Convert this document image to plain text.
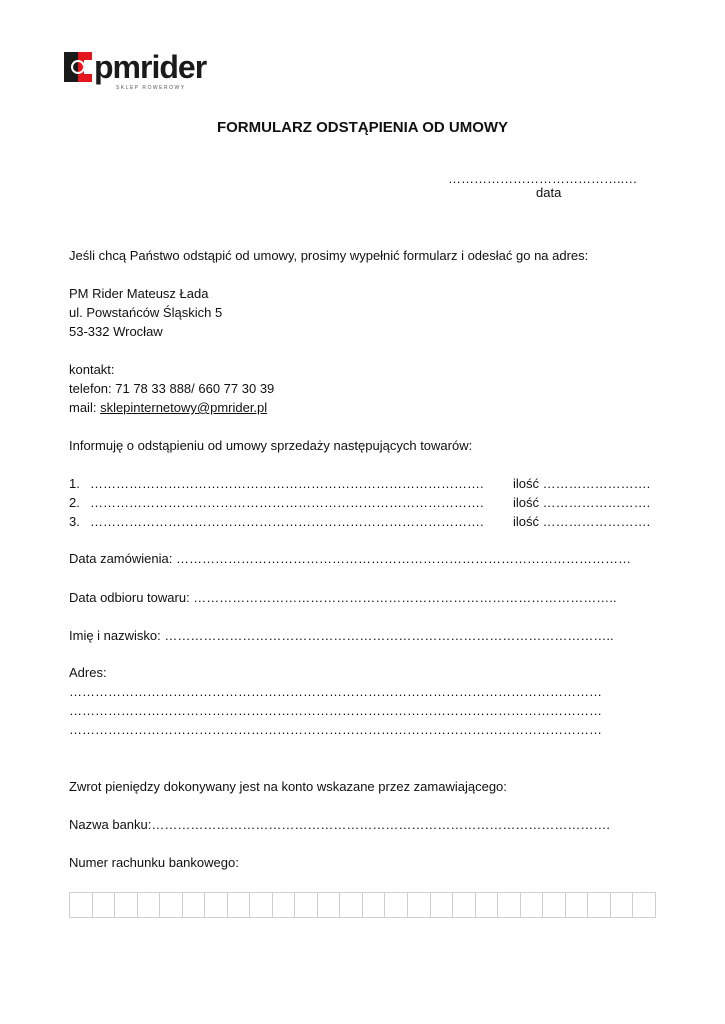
pmrider
SKLEP ROWEROWY
FORMULARZ ODSTĄPIENIA OD UMOWY
…………………………………..…
data
Jeśli chcą Państwo odstąpić od umowy, prosimy wypełnić formularz i odesłać go na adres:
PM Rider Mateusz Łada
ul. Powstańców Śląskich 5
53-332 Wrocław
kontakt:
telefon: 71 78 33 888/ 660 77 30 39
mail: sklepinternetowy@pmrider.pl
Informuję o odstąpieniu od umowy sprzedaży następujących towarów:
1. ………………………………………………………………………………. ilość …………………….
2. ………………………………………………………………………………. ilość …………………….
3. ………………………………………………………………………………. ilość …………………….
Data zamówienia: ……………………………………………………………………………………………
Data odbioru towaru: ……………………………………………………………………………………..
Imię i nazwisko: …………………………………………………………………………………………..
Adres:
……………………………………………………………………………………………………………
……………………………………………………………………………………………………………
……………………………………………………………………………………………………………
Zwrot pieniędzy dokonywany jest na konto wskazane przez zamawiającego:
Nazwa banku:…………………………………………………………………………………………….
Numer rachunku bankowego:
